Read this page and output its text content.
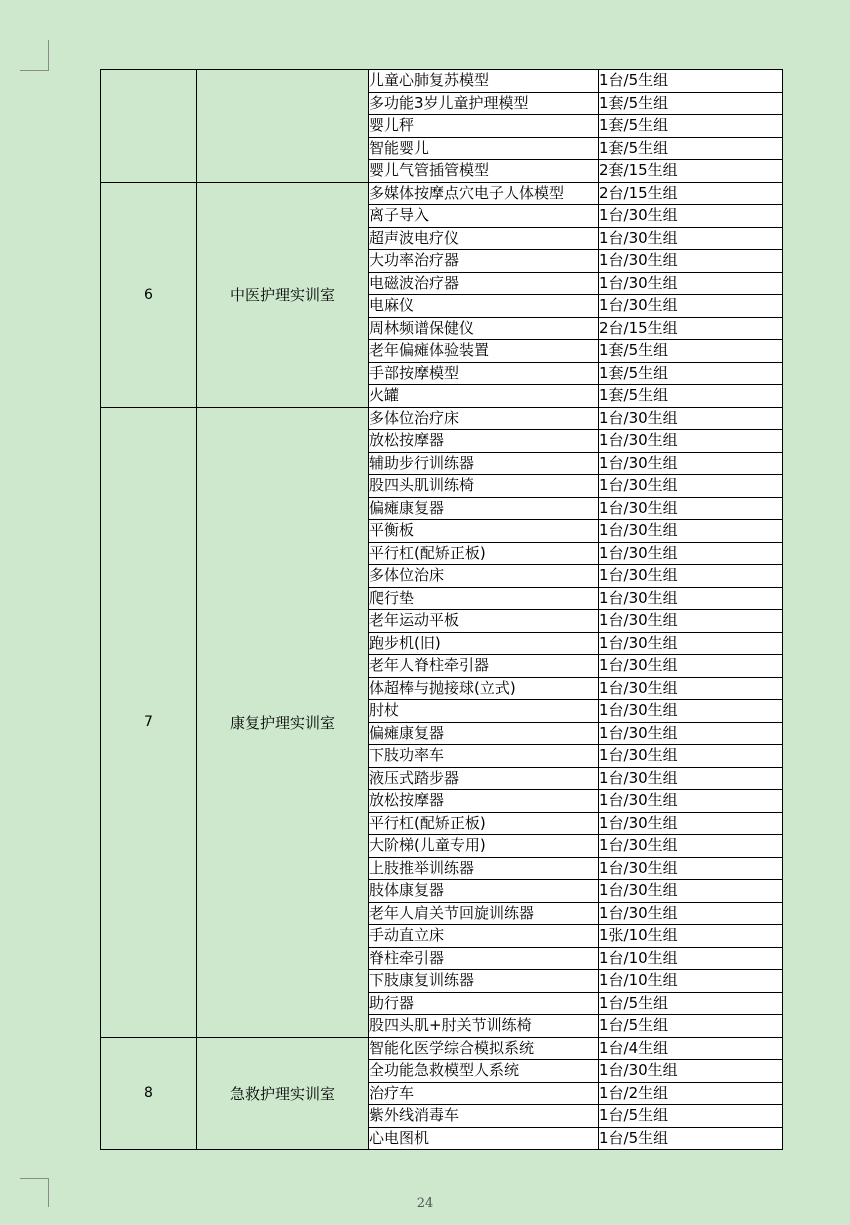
		儿童心肺复苏模型	1台/5生组
		多功能3岁儿童护理模型	1套/5生组
		婴儿秤	1套/5生组
		智能婴儿	1套/5生组
		婴儿气管插管模型	2套/15生组
6	中医护理实训室	多媒体按摩点穴电子人体模型	2台/15生组
		离子导入	1台/30生组
		超声波电疗仪	1台/30生组
		大功率治疗器	1台/30生组
		电磁波治疗器	1台/30生组
		电麻仪	1台/30生组
		周林频谱保健仪	2台/15生组
		老年偏瘫体验装置	1套/5生组
		手部按摩模型	1套/5生组
		火罐	1套/5生组
7	康复护理实训室	多体位治疗床	1台/30生组
		放松按摩器	1台/30生组
		辅助步行训练器	1台/30生组
		股四头肌训练椅	1台/30生组
		偏瘫康复器	1台/30生组
		平衡板	1台/30生组
		平行杠(配矫正板)	1台/30生组
		多体位治床	1台/30生组
		爬行垫	1台/30生组
		老年运动平板	1台/30生组
		跑步机(旧)	1台/30生组
		老年人脊柱牵引器	1台/30生组
		体超棒与抛接球(立式)	1台/30生组
		肘杖	1台/30生组
		偏瘫康复器	1台/30生组
		下肢功率车	1台/30生组
		液压式踏步器	1台/30生组
		放松按摩器	1台/30生组
		平行杠(配矫正板)	1台/30生组
		大阶梯(儿童专用)	1台/30生组
		上肢推举训练器	1台/30生组
		肢体康复器	1台/30生组
		老年人肩关节回旋训练器	1台/30生组
		手动直立床	1张/10生组
		脊柱牵引器	1台/10生组
		下肢康复训练器	1台/10生组
		助行器	1台/5生组
		股四头肌+肘关节训练椅	1台/5生组
8	急救护理实训室	智能化医学综合模拟系统	1台/4生组
		全功能急救模型人系统	1台/30生组
		治疗车	1台/2生组
		紫外线消毒车	1台/5生组
		心电图机	1台/5生组
24
